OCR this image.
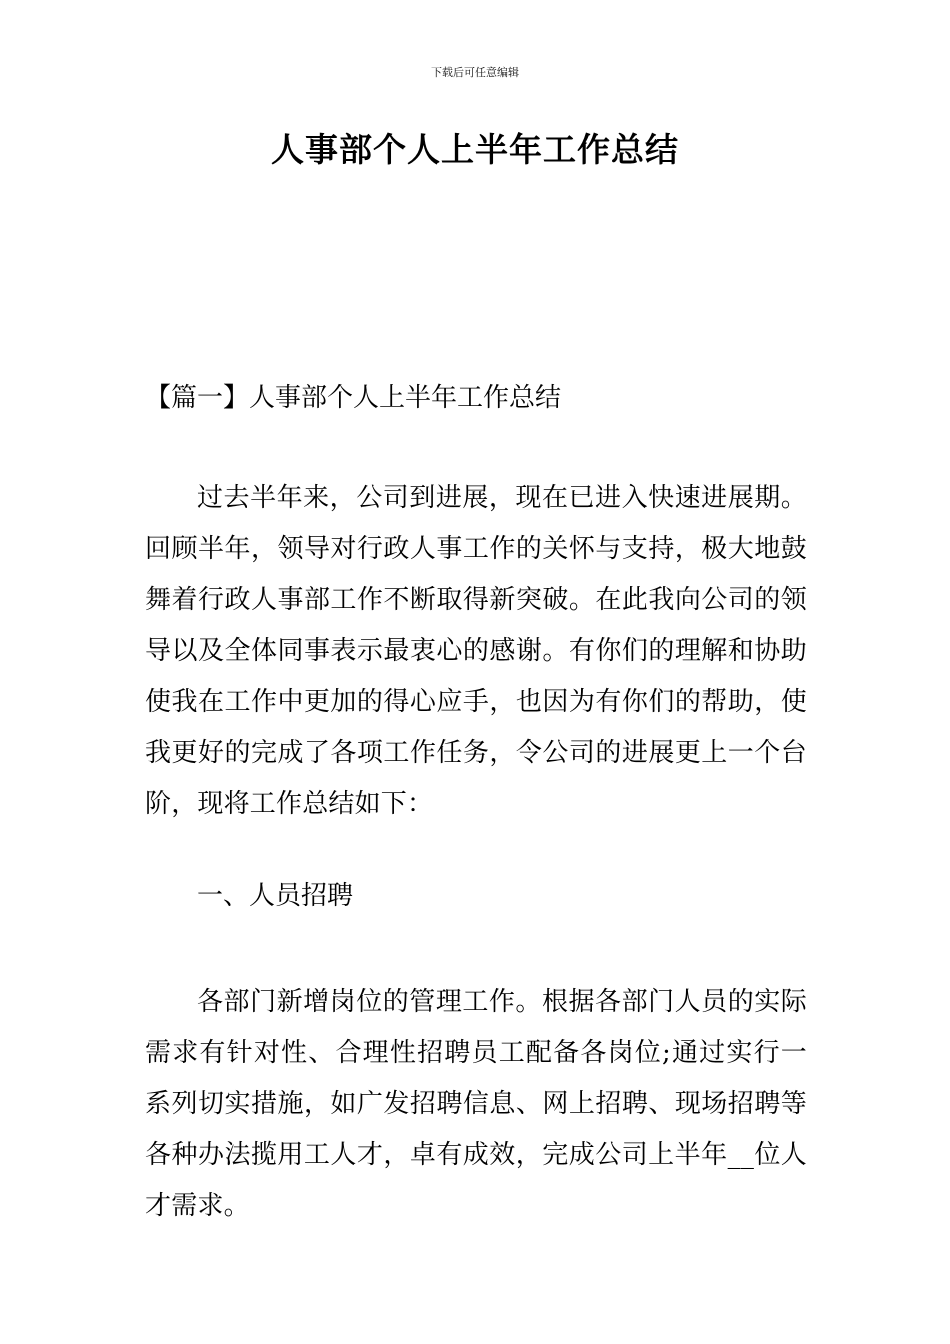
下载后可任意编辑
人事部个人上半年工作总结
【篇一】人事部个人上半年工作总结

过去半年来，公司到进展，现在已进入快速进展期。回顾半年，领导对行政人事工作的关怀与支持，极大地鼓舞着行政人事部工作不断取得新突破。在此我向公司的领导以及全体同事表示最衷心的感谢。有你们的理解和协助使我在工作中更加的得心应手，也因为有你们的帮助，使我更好的完成了各项工作任务，令公司的进展更上一个台阶，现将工作总结如下：

一、人员招聘

各部门新增岗位的管理工作。根据各部门人员的实际需求有针对性、合理性招聘员工配备各岗位;通过实行一系列切实措施，如广发招聘信息、网上招聘、现场招聘等各种办法揽用工人才，卓有成效，完成公司上半年__位人才需求。
